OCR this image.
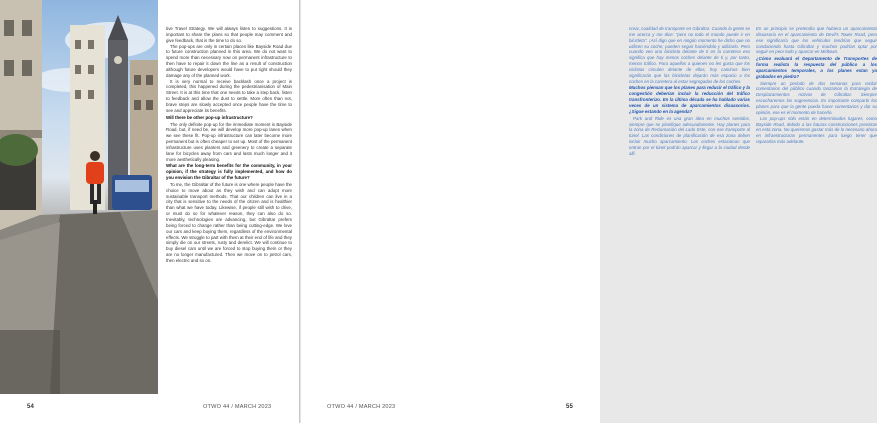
tive Travel Strategy. We will always listen to suggestions. It is important to share the plans so that people may comment and give feedback, that is the time to do so.

The pop-ups are only in certain places like Bayside Road due to future construction planned in this area. We do not want to spend more than necessary now on permanent infrastructure to then have to repair it down the line as a result of construction although future developers would have to put right should they damage any of the planned work.

It is very normal to receive backlash once a project is completed, this happened during the pedestrianisation of Main Street. It is at this time that one needs to take a step back, listen to feedback and allow the dust to settle. More often than not, brave steps are slowly accepted once people have the time to see and appreciate its benefits.

Will there be other pop-up infrastructure?

The only definite pop-up for the immediate moment is Bayside Road, but, if need be, we will develop more pop-up lanes when we see these fit. Pop-up infrastructure can later become more permanent but is often cheaper to set up. Most of the permanent infrastructure uses planters and greenery to create a separate lane for bicycles away from cars and lasts much longer and it more aesthetically pleasing.

What are the long-term benefits for the community, in your opinion, if the strategy is fully implemented, and how do you envision the Gibraltar of the future?

To me, the Gibraltar of the future is one where people have the choice to move about as they wish and can adopt more sustainable transport methods. That our children can live in a city that is sensitive to the needs of the citizen and is healthier than what we have today. Likewise, if people still wish to drive, or must do so for whatever reason, they can also do so. Inevitably, technologies are advancing, but Gibraltar prefers being forced to change rather than being cutting-edge. We love our cars and keep buying them, regardless of the environmental effects. We struggle to part with them at their end of life and they simply die on our streets, rusty and derelict. We will continue to buy diesel cars until we are forced to stop buying them or they are no longer manufactured. Then we move on to petrol cars, then electric and so on.

54	OTWO 44 / MARCH 2023

crear, cualidad de transporte en Gibraltar. Cuando la gente se me acerca y me dice: "pero no todo el mundo puede ir en bicicleta". ¡Así digo que en ningún momento he dicho que no utilicen su coche; pueden seguir haciéndolo y utilizarlo. Pero cuando veo uno bicicleta delante de ti en la carretera eso significa que hay menos coches delante de ti y, por tanto, menos tráfico. Para aquellos a quienes no les gusta que los ciclistas circulen delante de ellos, hoy caminos bien significarán que las bicicletas dejarán más espacio a los coches en la carretera al estar segregados de los coches.

Muchos piensan que los planes para reducir el tráfico y la congestión deberían incluir la reducción del tráfico transfronterizo. En la última década se ha hablado varias veces de un sistema de aparcamientos disuasorios. ¿Sigue estando en la agenda?

Park and Ride es una gran idea en muchos sentidos, siempre que se planifique adecuadamente. Hay planes para la zona de Reclamación del Lado Este, con ese transporte al túnel. Las condiciones de planificación de esa zona deben incluir mucho aparcamiento. Los coches estacionan que entran por el túnel podrán aparcar y llegar a la ciudad desde allí.

En un principio se pretendía que hubiera un aparcamiento disuasorio en el aparcamiento de Devil's Tower Road, pero ese significaría que los vehículos tendrían que seguir conduciendo hasta Gibraltar y muchos podrían optar por seguir en peor todo y aparcar en Midtown.

¿Cómo evaluará el Departamento de Transportes de forma realista la respuesta del público a los aparcamientos temporales, a los planes estan ya grabados en piedra?

Siempre un periodo de dos semanas para recibir comentarios del público cuando lanzamos la Estrategia de Desplazamientos Activos de Gibraltar. Siempre escucharemos las sugerencias. Es importante compartir los planes para que la gente pueda hacer comentarios y dar su opinión, ese es el momento de hacerlo.

Los pop-ups sólo están en determinados lugares, como Bayside Road, debido a las futuras construcciones previstas en esta zona. No queremos gastar más de lo necesario ahora en infraestructuras permanentes para luego tener que repararlas más adelante.

OTWO 44 / MARCH 2023	55
